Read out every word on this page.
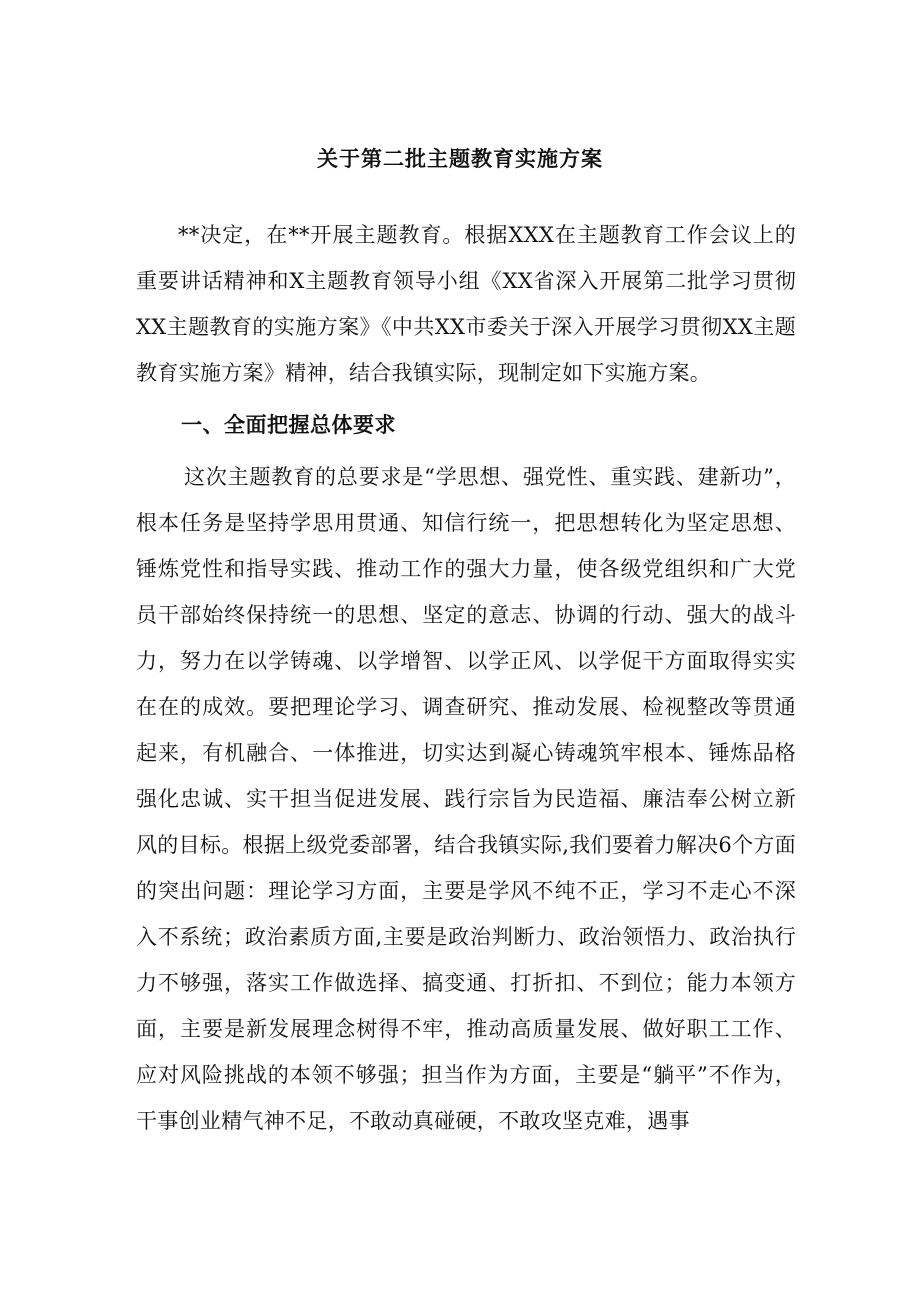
关于第二批主题教育实施方案

**决定，在**开展主题教育。根据XXX在主题教育工作会议上的重要讲话精神和X主题教育领导小组《XX省深入开展第二批学习贯彻XX主题教育的实施方案》《中共XX市委关于深入开展学习贯彻XX主题教育实施方案》精神，结合我镇实际，现制定如下实施方案。

一、全面把握总体要求

这次主题教育的总要求是“学思想、强党性、重实践、建新功”，根本任务是坚持学思用贯通、知信行统一，把思想转化为坚定思想、锤炼党性和指导实践、推动工作的强大力量，使各级党组织和广大党员干部始终保持统一的思想、坚定的意志、协调的行动、强大的战斗力，努力在以学铸魂、以学增智、以学正风、以学促干方面取得实实在在的成效。要把理论学习、调查研究、推动发展、检视整改等贯通起来，有机融合、一体推进，切实达到凝心铸魂筑牢根本、锤炼品格强化忠诚、实干担当促进发展、践行宗旨为民造福、廉洁奉公树立新风的目标。根据上级党委部署，结合我镇实际,我们要着力解决6个方面的突出问题：理论学习方面，主要是学风不纯不正，学习不走心不深入不系统；政治素质方面,主要是政治判断力、政治领悟力、政治执行力不够强，落实工作做选择、搞变通、打折扣、不到位；能力本领方面，主要是新发展理念树得不牢，推动高质量发展、做好职工工作、应对风险挑战的本领不够强；担当作为方面，主要是“躺平”不作为，干事创业精气神不足，不敢动真碰硬，不敢攻坚克难，遇事
